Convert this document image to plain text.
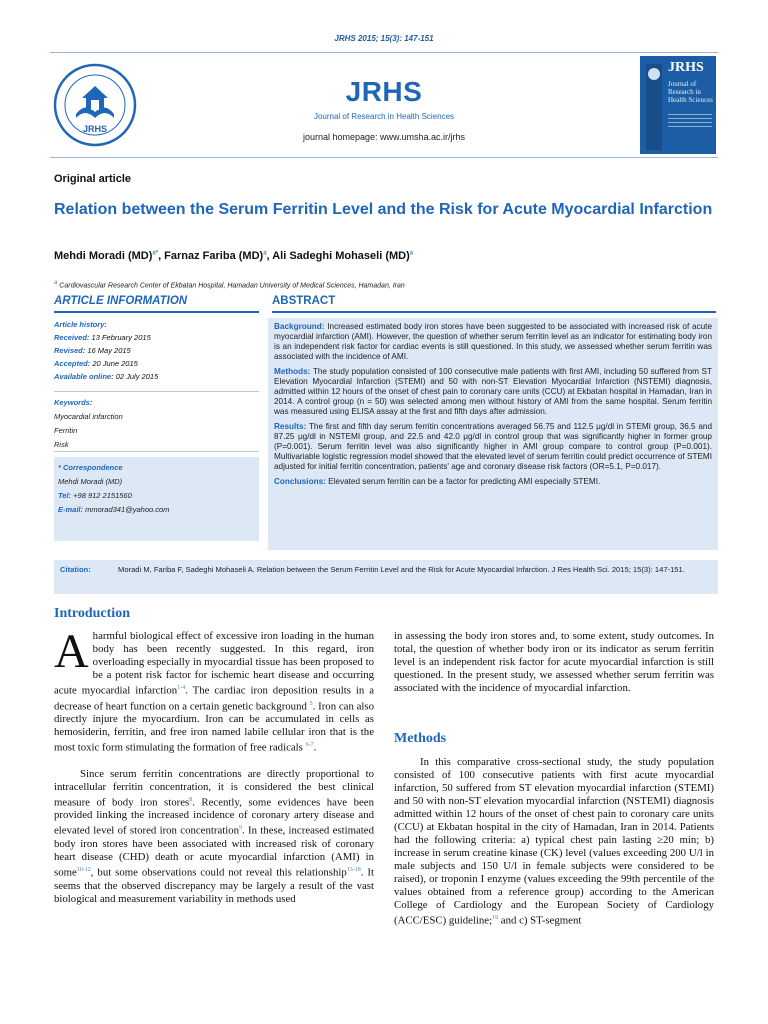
JRHS 2015; 15(3): 147-151
JRHS
JRHS
Journal of Research in Health Sciences
journal homepage: www.umsha.ac.ir/jrhs
JRHS
Journal of Research in Health Sciences
Original article
Relation between the Serum Ferritin Level and the Risk for Acute Myocardial Infarction
Mehdi Moradi (MD)$^{a*}$, Farnaz Fariba (MD)$^a$, Ali Sadeghi Mohaseli (MD)$^a$
$^a$ Cardiovascular Research Center of Ekbatan Hospital, Hamadan University of Medical Sciences, Hamadan, Iran
ARTICLE INFORMATION	ABSTRACT
Article history:
Received: 13 February 2015
Revised: 16 May 2015
Accepted: 20 June 2015
Available online: 02 July 2015
Keywords:
Myocardial infarction
Ferritin
Risk
* Correspondence
Mehdi Moradi (MD)
Tel: +98 912 2151560
E-mail: mmorad341@yahoo.com

Background: Increased estimated body iron stores have been suggested to be associated with increased risk of acute myocardial infarction (AMI). However, the question of whether serum ferritin level as an indicator for estimating body iron is an independent risk factor for cardiac events is still questioned. In this study, we assessed whether serum ferritin was associated with the incidence of AMI.

Methods: The study population consisted of 100 consecutive male patients with first AMI, including 50 suffered from ST Elevation Myocardial Infarction (STEMI) and 50 with non-ST Elevation Myocardial Infarction (NSTEMI) diagnosis, admitted within 12 hours of the onset of chest pain to coronary care units (CCU) at Ekbatan hospital in Hamadan, Iran in 2014. A control group (n = 50) was selected among men without history of AMI from the same hospital. Serum ferritin was measured using ELISA assay at the first and fifth days after admission.

Results: The first and fifth day serum ferritin concentrations averaged 56.75 and 112.5 μg/dl in STEMI group, 36.5 and 87.25 μg/dl in NSTEMI group, and 22.5 and 42.0 μg/dl in control group that was significantly higher in former group (P=0.001). Serum ferritin level was also significantly higher in AMI group compare to control group (P=0.001). Multivariable logistic regression model showed that the elevated level of serum ferritin could predict occurrence of STEMI adjusted for initial ferritin concentration, patients' age and coronary disease risk factors (OR=5.1, P=0.017).

Conclusions: Elevated serum ferritin can be a factor for predicting AMI especially STEMI.

Citation:	Moradi M, Fariba F, Sadeghi Mohaseli A. Relation between the Serum Ferritin Level and the Risk for Acute Myocardial Infarction. J Res Health Sci. 2015; 15(3): 147-151.
Introduction

A harmful biological effect of excessive iron loading in the human body has been recently suggested. In this regard, iron overloading especially in myocardial tissue has been proposed to be a potent risk factor for ischemic heart disease and occurring acute myocardial infarction$^{1-4}$. The cardiac iron deposition results in a decrease of heart function on a certain genetic background $^5$. Iron can also directly injure the myocardium. Iron can be accumulated in cells as hemosiderin, ferritin, and free iron named labile cellular iron that is the most toxic form stimulating the formation of free radicals $^{6-7}$.

Since serum ferritin concentrations are directly proportional to intracellular ferritin concentration, it is considered the best clinical measure of body iron stores$^8$. Recently, some evidences have been provided linking the increased incidence of coronary artery disease and elevated level of stored iron concentration$^9$. In these, increased estimated body iron stores have been associated with increased risk of coronary heart disease (CHD) death or acute myocardial infarction (AMI) in some$^{10-12}$, but some observations could not reveal this relationship$^{13-18}$. It seems that the observed discrepancy may be largely a result of the vast biological and measurement variability in methods used

in assessing the body iron stores and, to some extent, study outcomes. In total, the question of whether body iron or its indicator as serum ferritin level is an independent risk factor for acute myocardial infarction is still questioned. In the present study, we assessed whether serum ferritin was associated with the incidence of myocardial infarction.

Methods

In this comparative cross-sectional study, the study population consisted of 100 consecutive patients with first acute myocardial infarction, 50 suffered from ST elevation myocardial infarction (STEMI) and 50 with non-ST elevation myocardial infarction (NSTEMI) diagnosis admitted within 12 hours of the onset of chest pain to coronary care units (CCU) at Ekbatan hospital in the city of Hamadan, Iran in 2014. Patients had the following criteria: a) typical chest pain lasting ≥20 min; b) increase in serum creatine kinase (CK) level (values exceeding 200 U/l in male subjects and 150 U/l in female subjects were considered to be raised), or troponin I enzyme (values exceeding the 99th percentile of the values obtained from a reference group) according to the American College of Cardiology and the European Society of Cardiology (ACC/ESC) guideline;$^{19}$ and c) ST-segment
